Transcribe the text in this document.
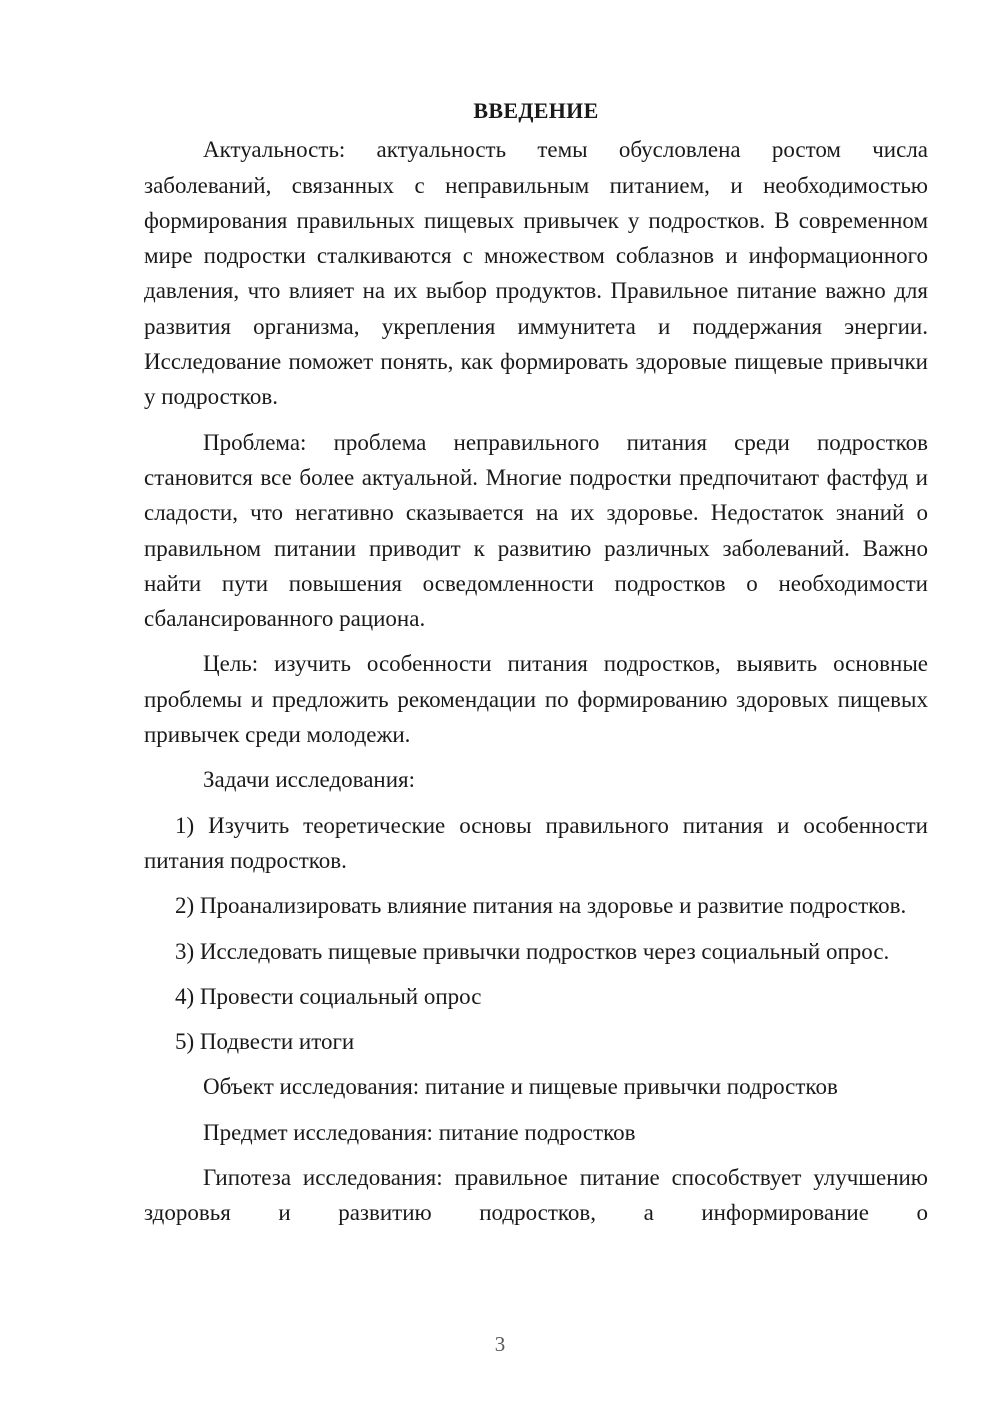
ВВЕДЕНИЕ

Актуальность: актуальность темы обусловлена ростом числа заболеваний, связанных с неправильным питанием, и необходимостью формирования правильных пищевых привычек у подростков. В современном мире подростки сталкиваются с множеством соблазнов и информационного давления, что влияет на их выбор продуктов. Правильное питание важно для развития организма, укрепления иммунитета и поддержания энергии. Исследование поможет понять, как формировать здоровые пищевые привычки у подростков.

Проблема: проблема неправильного питания среди подростков становится все более актуальной. Многие подростки предпочитают фастфуд и сладости, что негативно сказывается на их здоровье. Недостаток знаний о правильном питании приводит к развитию различных заболеваний. Важно найти пути повышения осведомленности подростков о необходимости сбалансированного рациона.

Цель: изучить особенности питания подростков, выявить основные проблемы и предложить рекомендации по формированию здоровых пищевых привычек среди молодежи.

Задачи исследования:

1) Изучить теоретические основы правильного питания и особенности питания подростков.

2) Проанализировать влияние питания на здоровье и развитие подростков.

3) Исследовать пищевые привычки подростков через социальный опрос.

4) Провести социальный опрос

5) Подвести итоги

Объект исследования: питание и пищевые привычки подростков

Предмет исследования: питание подростков

Гипотеза исследования: правильное питание способствует улучшению здоровья и развитию подростков, а информирование о

3
